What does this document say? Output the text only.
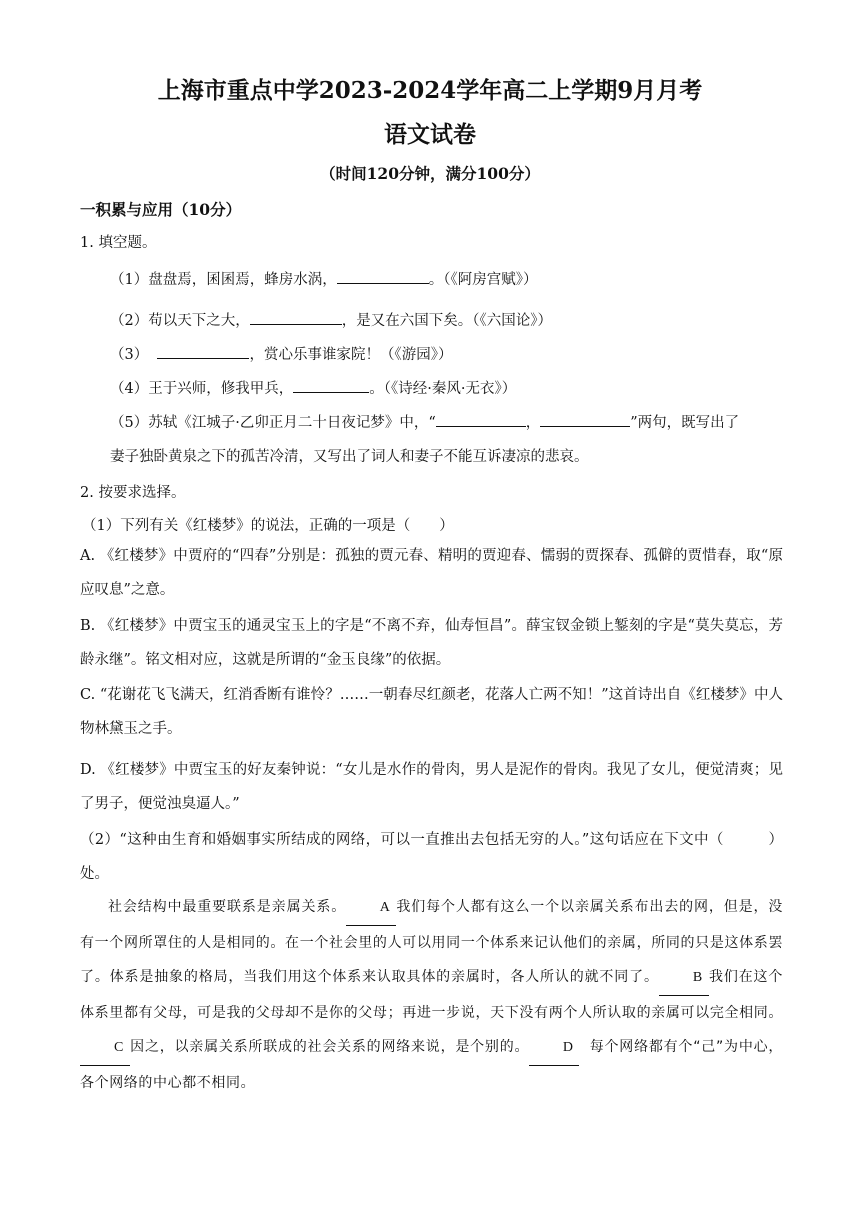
上海市重点中学2023-2024学年高二上学期9月月考
语文试卷
（时间120分钟，满分100分）
一积累与应用（10分）
1. 填空题。
（1）盘盘焉，囷囷焉，蜂房水涡，	。（《阿房宫赋》）
（2）苟以天下之大，	，是又在六国下矣。（《六国论》）
（3）	，赏心乐事谁家院！（《游园》）
（4）王于兴师，修我甲兵，	。（《诗经·秦风·无衣》）
（5）苏轼《江城子·乙卯正月二十日夜记梦》中，“	，	”两句，既写出了
妻子独卧黄泉之下的孤苦冷清，又写出了词人和妻子不能互诉凄凉的悲哀。
2. 按要求选择。
（1）下列有关《红楼梦》的说法，正确的一项是（　　）
A. 《红楼梦》中贾府的“四春”分别是：孤独的贾元春、精明的贾迎春、懦弱的贾探春、孤僻的贾惜春，取“原应叹息”之意。
B. 《红楼梦》中贾宝玉的通灵宝玉上的字是“不离不弃，仙寿恒昌”。薛宝钗金锁上錾刻的字是“莫失莫忘，芳龄永继”。铭文相对应，这就是所谓的“金玉良缘”的依据。
C. “花谢花飞飞满天，红消香断有谁怜？……一朝春尽红颜老，花落人亡两不知！”这首诗出自《红楼梦》中人物林黛玉之手。
D. 《红楼梦》中贾宝玉的好友秦钟说：“女儿是水作的骨肉，男人是泥作的骨肉。我见了女儿，便觉清爽；见了男子，便觉浊臭逼人。”
（2）“这种由生育和婚姻事实所结成的网络，可以一直推出去包括无穷的人。”这句话应在下文中（　　　）处。
社会结构中最重要联系是亲属关系。 A 我们每个人都有这么一个以亲属关系布出去的网，但是，没有一个网所罩住的人是相同的。在一个社会里的人可以用同一个体系来记认他们的亲属，所同的只是这体系罢了。体系是抽象的格局，当我们用这个体系来认取具体的亲属时，各人所认的就不同了。 B 我们在这个体系里都有父母，可是我的父母却不是你的父母；再进一步说，天下没有两个人所认取的亲属可以完全相同。C 因之，以亲属关系所联成的社会关系的网络来说，是个别的。 D 每个网络都有个“己”为中心，各个网络的中心都不相同。
